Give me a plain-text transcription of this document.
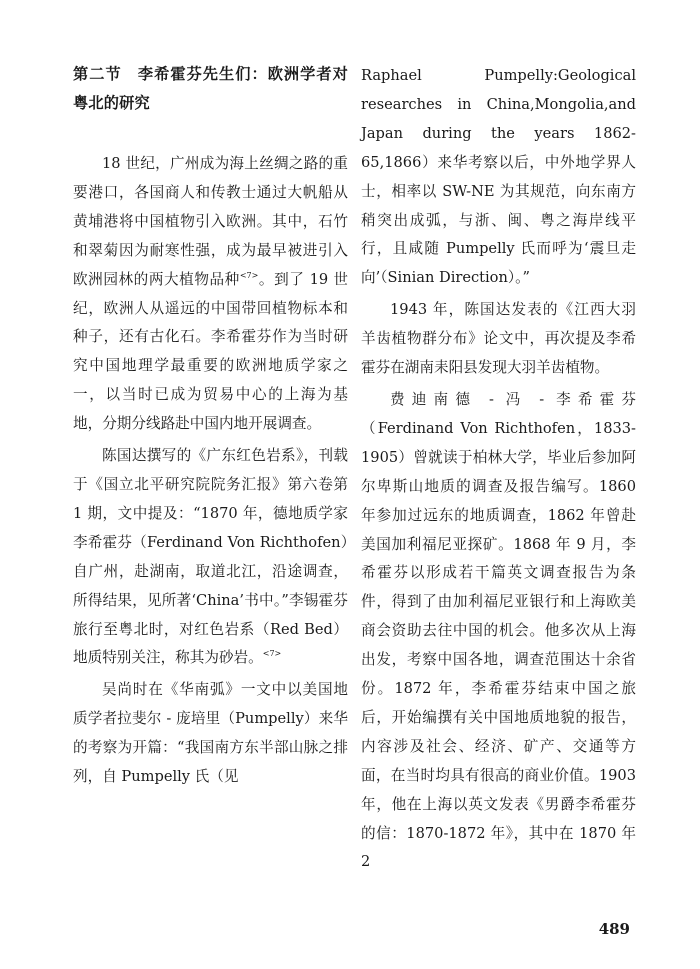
第二节　李希霍芬先生们：欧洲学者对粤北的研究

18 世纪，广州成为海上丝绸之路的重要港口，各国商人和传教士通过大帆船从黄埔港将中国植物引入欧洲。其中，石竹和翠菊因为耐寒性强，成为最早被进引入欧洲园林的两大植物品种$^{<7>}$。到了 19 世纪，欧洲人从遥远的中国带回植物标本和种子，还有古化石。李希霍芬作为当时研究中国地理学最重要的欧洲地质学家之一，以当时已成为贸易中心的上海为基地，分期分线路赴中国内地开展调查。

陈国达撰写的《广东红色岩系》，刊载于《国立北平研究院院务汇报》第六卷第 1 期，文中提及：“1870 年，德地质学家李希霍芬（Ferdinand Von Richthofen）自广州，赴湖南，取道北江，沿途调查，所得结果，见所著‘China’书中。”李锡霍芬旅行至粤北时，对红色岩系（Red Bed）地质特别关注，称其为砂岩。$^{<7>}$

吴尚时在《华南弧》一文中以美国地质学者拉斐尔 - 庞培里（Pumpelly）来华的考察为开篇：“我国南方东半部山脉之排列，自 Pumpelly 氏（见

Raphael Pumpelly:Geological researches in China,Mongolia,and Japan during the years 1862-65,1866）来华考察以后，中外地学界人士，相率以 SW-NE 为其规范，向东南方稍突出成弧，与浙、闽、粤之海岸线平行，且咸随 Pumpelly 氏而呼为‘震旦走向’（Sinian Direction）。”

1943 年，陈国达发表的《江西大羽羊齿植物群分布》论文中，再次提及李希霍芬在湖南耒阳县发现大羽羊齿植物。

费迪南德 - 冯 - 李希霍芬（Ferdinand Von Richthofen，1833-1905）曾就读于柏林大学，毕业后参加阿尔卑斯山地质的调查及报告编写。1860 年参加过远东的地质调查，1862 年曾赴美国加利福尼亚探矿。1868 年 9 月，李希霍芬以形成若干篇英文调查报告为条件，得到了由加利福尼亚银行和上海欧美商会资助去往中国的机会。他多次从上海出发，考察中国各地，调查范围达十余省份。1872 年，李希霍芬结束中国之旅后，开始编撰有关中国地质地貌的报告，内容涉及社会、经济、矿产、交通等方面，在当时均具有很高的商业价值。1903 年，他在上海以英文发表《男爵李希霍芬的信：1870-1872 年》，其中在 1870 年 2

489
